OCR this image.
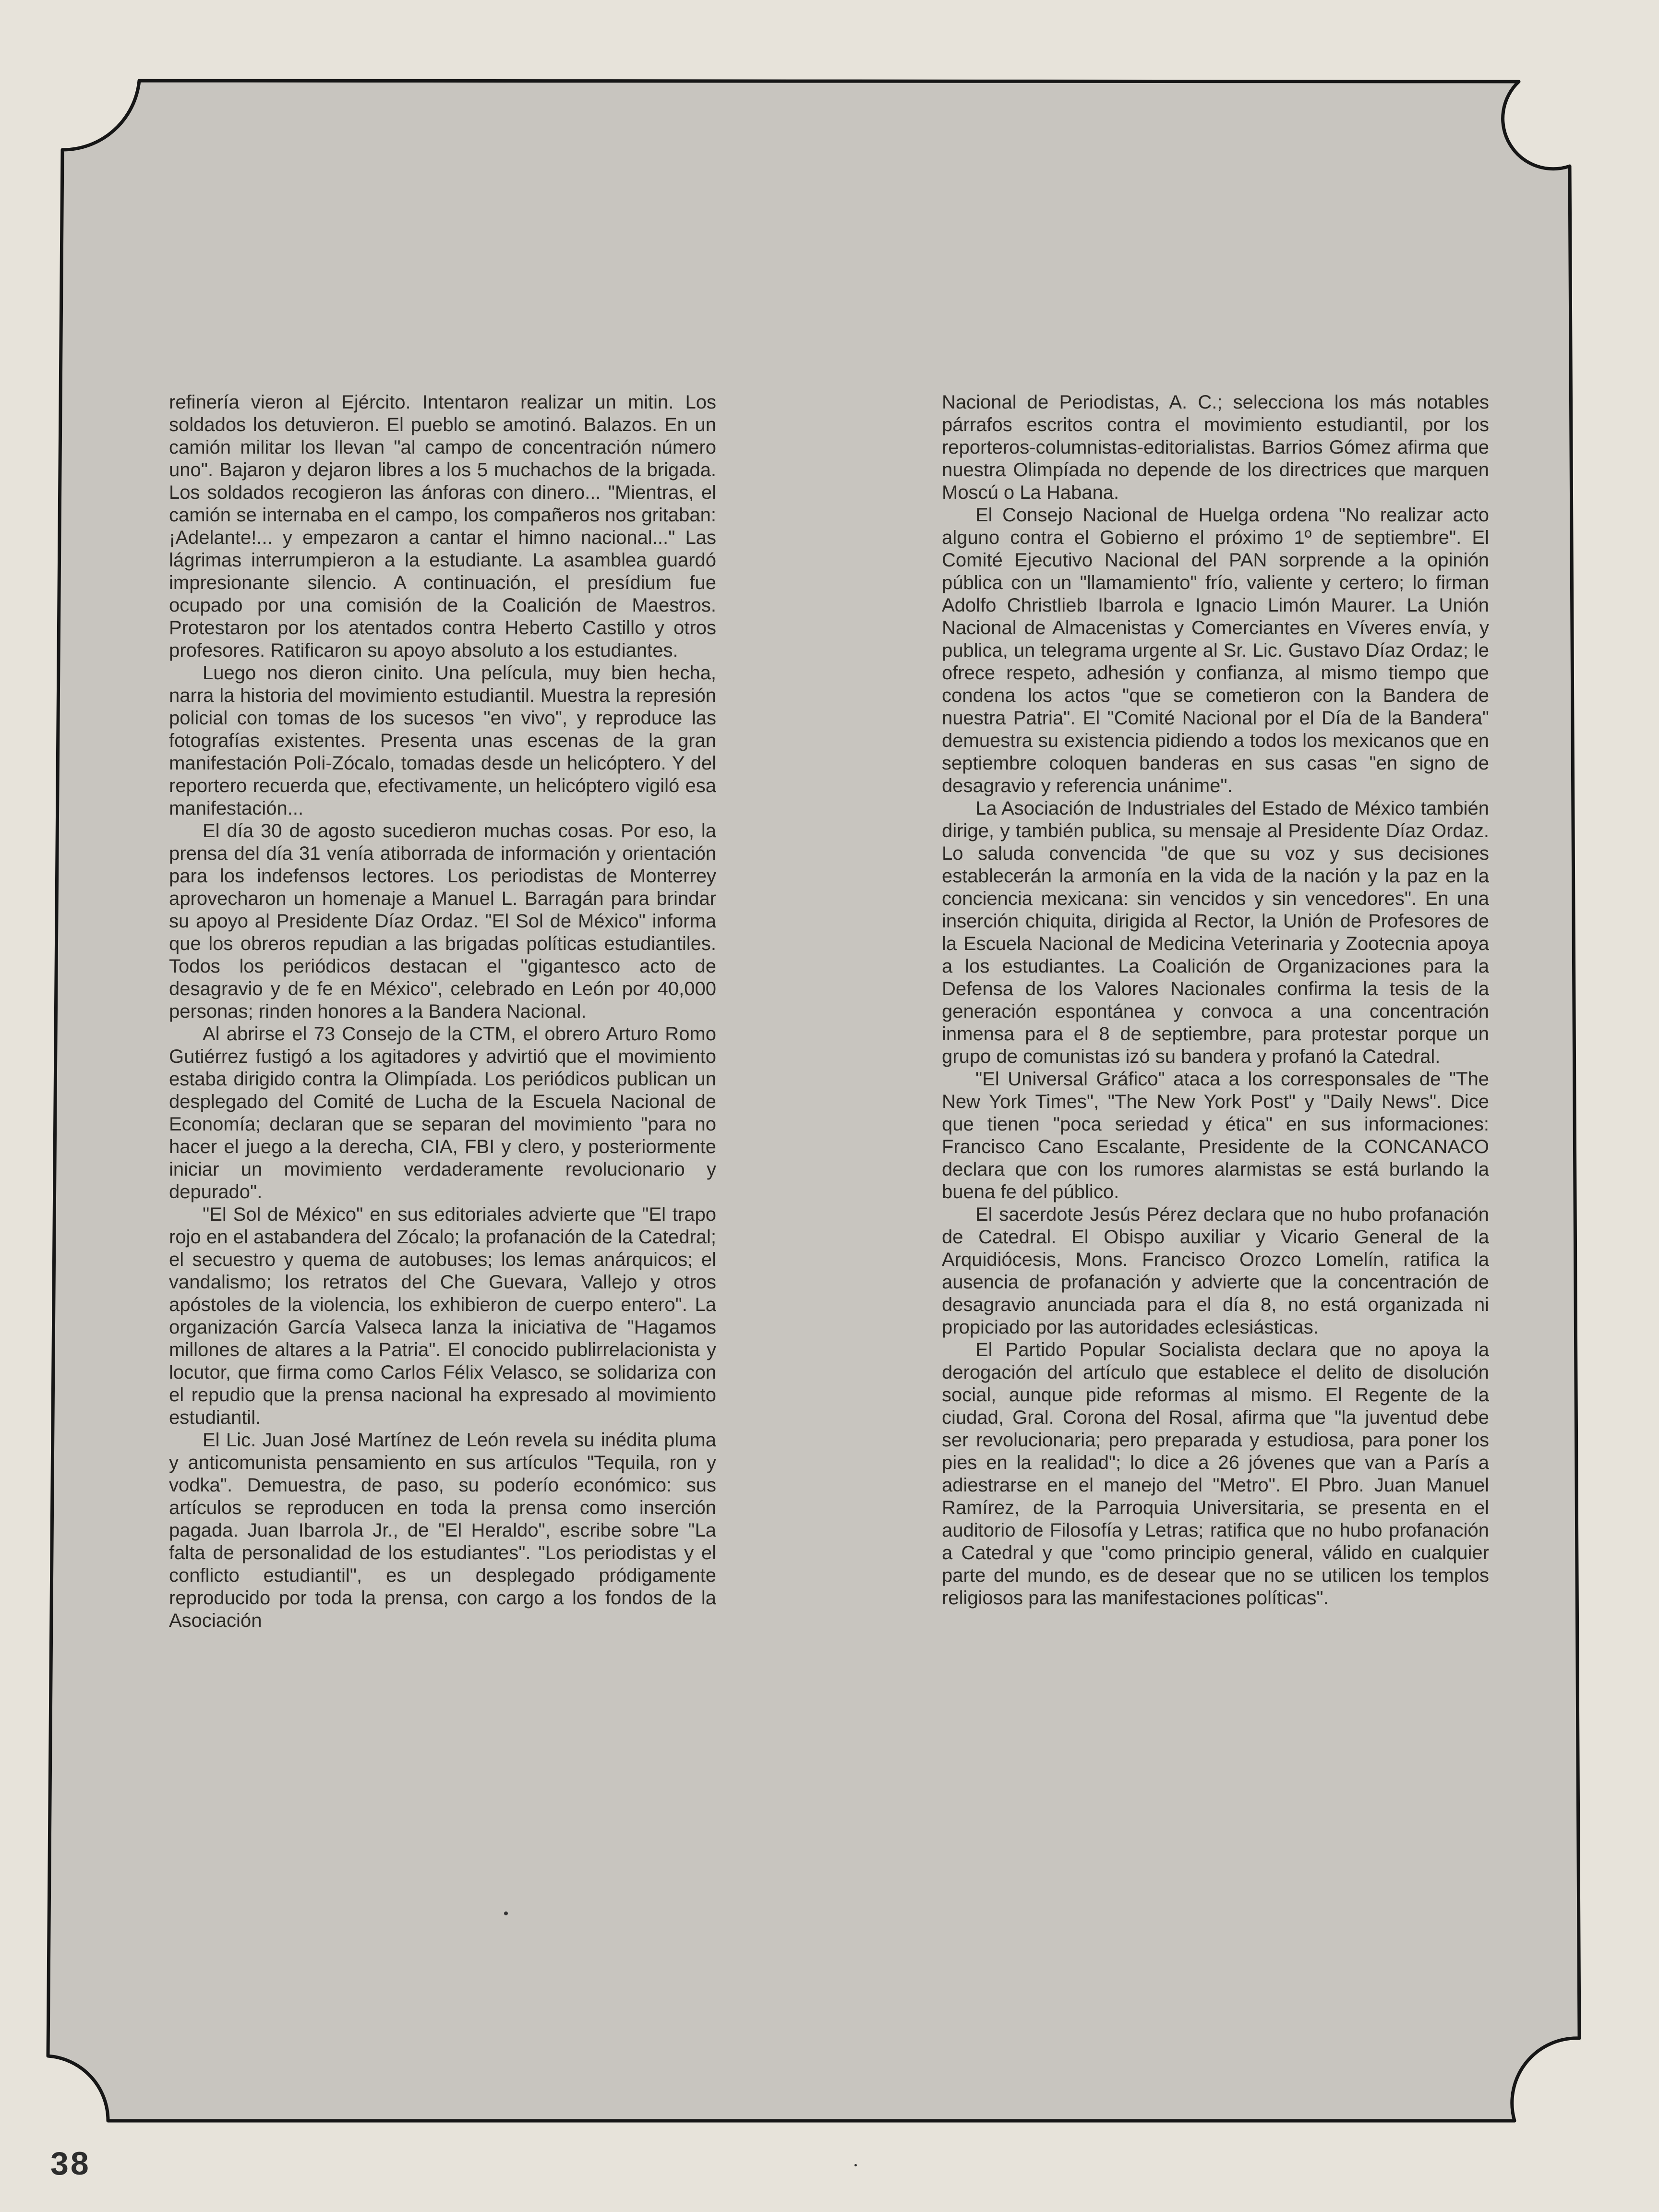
refinería vieron al Ejército. Intentaron realizar un mitin. Los soldados los detuvieron. El pueblo se amotinó. Balazos. En un camión militar los llevan "al campo de concentración número uno". Bajaron y dejaron libres a los 5 muchachos de la brigada. Los soldados recogieron las ánforas con dinero... "Mientras, el camión se internaba en el campo, los compañeros nos gritaban: ¡Adelante!... y empezaron a cantar el himno nacional..." Las lágrimas interrumpieron a la estudiante. La asamblea guardó impresionante silencio. A continuación, el presídium fue ocupado por una comisión de la Coalición de Maestros. Protestaron por los atentados contra Heberto Castillo y otros profesores. Ratificaron su apoyo absoluto a los estudiantes.

Luego nos dieron cinito. Una película, muy bien hecha, narra la historia del movimiento estudiantil. Muestra la represión policial con tomas de los sucesos "en vivo", y reproduce las fotografías existentes. Presenta unas escenas de la gran manifestación Poli-Zócalo, tomadas desde un helicóptero. Y del reportero recuerda que, efectivamente, un helicóptero vigiló esa manifestación...

El día 30 de agosto sucedieron muchas cosas. Por eso, la prensa del día 31 venía atiborrada de información y orientación para los indefensos lectores. Los periodistas de Monterrey aprovecharon un homenaje a Manuel L. Barragán para brindar su apoyo al Presidente Díaz Ordaz. "El Sol de México" informa que los obreros repudian a las brigadas políticas estudiantiles. Todos los periódicos destacan el "gigantesco acto de desagravio y de fe en México", celebrado en León por 40,000 personas; rinden honores a la Bandera Nacional.

Al abrirse el 73 Consejo de la CTM, el obrero Arturo Romo Gutiérrez fustigó a los agitadores y advirtió que el movimiento estaba dirigido contra la Olimpíada. Los periódicos publican un desplegado del Comité de Lucha de la Escuela Nacional de Economía; declaran que se separan del movimiento "para no hacer el juego a la derecha, CIA, FBI y clero, y posteriormente iniciar un movimiento verdaderamente revolucionario y depurado".

"El Sol de México" en sus editoriales advierte que "El trapo rojo en el astabandera del Zócalo; la profanación de la Catedral; el secuestro y quema de autobuses; los lemas anárquicos; el vandalismo; los retratos del Che Guevara, Vallejo y otros apóstoles de la violencia, los exhibieron de cuerpo entero". La organización García Valseca lanza la iniciativa de "Hagamos millones de altares a la Patria". El conocido publirrelacionista y locutor, que firma como Carlos Félix Velasco, se solidariza con el repudio que la prensa nacional ha expresado al movimiento estudiantil.

El Lic. Juan José Martínez de León revela su inédita pluma y anticomunista pensamiento en sus artículos "Tequila, ron y vodka". Demuestra, de paso, su poderío económico: sus artículos se reproducen en toda la prensa como inserción pagada. Juan Ibarrola Jr., de "El Heraldo", escribe sobre "La falta de personalidad de los estudiantes". "Los periodistas y el conflicto estudiantil", es un desplegado pródigamente reproducido por toda la prensa, con cargo a los fondos de la Asociación

Nacional de Periodistas, A. C.; selecciona los más notables párrafos escritos contra el movimiento estudiantil, por los reporteros-columnistas-editorialistas. Barrios Gómez afirma que nuestra Olimpíada no depende de los directrices que marquen Moscú o La Habana.

El Consejo Nacional de Huelga ordena "No realizar acto alguno contra el Gobierno el próximo 1º de septiembre". El Comité Ejecutivo Nacional del PAN sorprende a la opinión pública con un "llamamiento" frío, valiente y certero; lo firman Adolfo Christlieb Ibarrola e Ignacio Limón Maurer. La Unión Nacional de Almacenistas y Comerciantes en Víveres envía, y publica, un telegrama urgente al Sr. Lic. Gustavo Díaz Ordaz; le ofrece respeto, adhesión y confianza, al mismo tiempo que condena los actos "que se cometieron con la Bandera de nuestra Patria". El "Comité Nacional por el Día de la Bandera" demuestra su existencia pidiendo a todos los mexicanos que en septiembre coloquen banderas en sus casas "en signo de desagravio y referencia unánime".

La Asociación de Industriales del Estado de México también dirige, y también publica, su mensaje al Presidente Díaz Ordaz. Lo saluda convencida "de que su voz y sus decisiones establecerán la armonía en la vida de la nación y la paz en la conciencia mexicana: sin vencidos y sin vencedores". En una inserción chiquita, dirigida al Rector, la Unión de Profesores de la Escuela Nacional de Medicina Veterinaria y Zootecnia apoya a los estudiantes. La Coalición de Organizaciones para la Defensa de los Valores Nacionales confirma la tesis de la generación espontánea y convoca a una concentración inmensa para el 8 de septiembre, para protestar porque un grupo de comunistas izó su bandera y profanó la Catedral.

"El Universal Gráfico" ataca a los corresponsales de "The New York Times", "The New York Post" y "Daily News". Dice que tienen "poca seriedad y ética" en sus informaciones: Francisco Cano Escalante, Presidente de la CONCANACO declara que con los rumores alarmistas se está burlando la buena fe del público.

El sacerdote Jesús Pérez declara que no hubo profanación de Catedral. El Obispo auxiliar y Vicario General de la Arquidiócesis, Mons. Francisco Orozco Lomelín, ratifica la ausencia de profanación y advierte que la concentración de desagravio anunciada para el día 8, no está organizada ni propiciado por las autoridades eclesiásticas.

El Partido Popular Socialista declara que no apoya la derogación del artículo que establece el delito de disolución social, aunque pide reformas al mismo. El Regente de la ciudad, Gral. Corona del Rosal, afirma que "la juventud debe ser revolucionaria; pero preparada y estudiosa, para poner los pies en la realidad"; lo dice a 26 jóvenes que van a París a adiestrarse en el manejo del "Metro". El Pbro. Juan Manuel Ramírez, de la Parroquia Universitaria, se presenta en el auditorio de Filosofía y Letras; ratifica que no hubo profanación a Catedral y que "como principio general, válido en cualquier parte del mundo, es de desear que no se utilicen los templos religiosos para las manifestaciones políticas".

38
